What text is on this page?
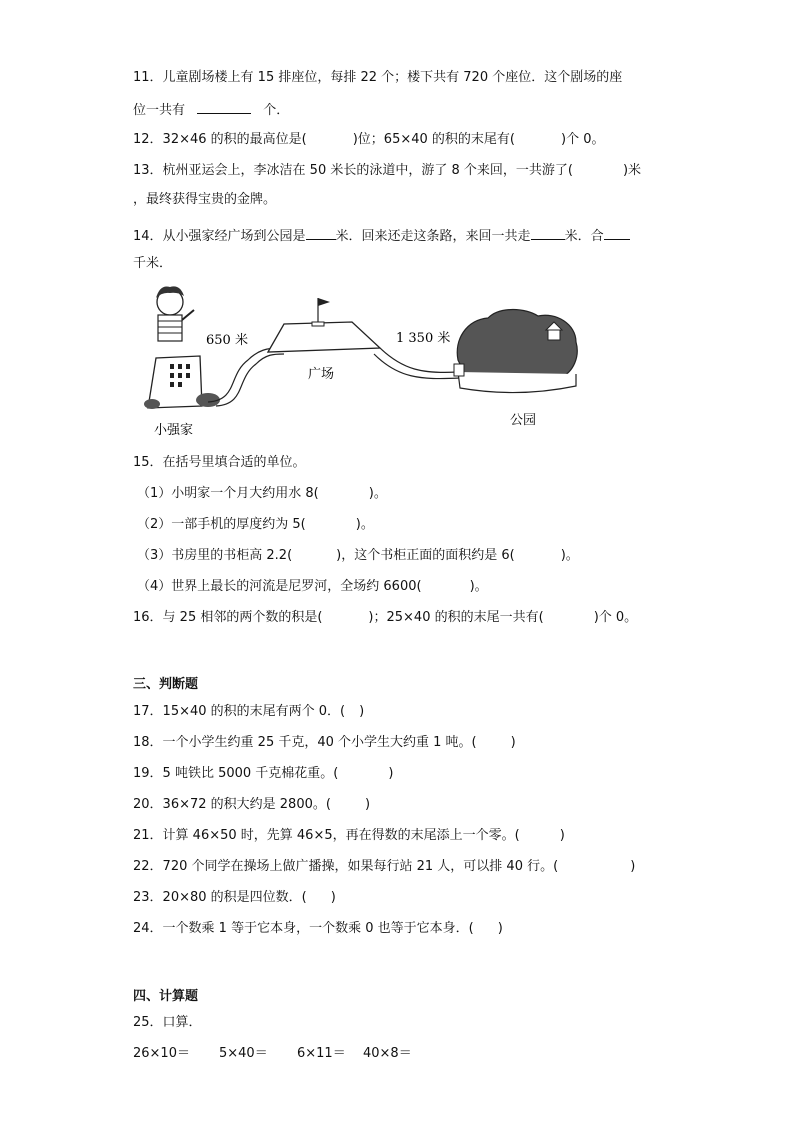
11．儿童剧场楼上有 15 排座位，每排 22 个；楼下共有 720 个座位．这个剧场的座
位一共有	个．
12．32×46 的积的最高位是(	)位；65×40 的积的末尾有(	)个 0。
13．杭州亚运会上，李冰洁在 50 米长的泳道中，游了 8 个来回，一共游了(	)米
，最终获得宝贵的金牌。
14．从小强家经广场到公园是 米．回来还走这条路，来回一共走	米．合
千米．
650 米	1 350 米
广场
小强家
公园
15．在括号里填合适的单位。
（1）小明家一个月大约用水 8(	)。
（2）一部手机的厚度约为 5(	)。
（3）书房里的书柜高 2.2(	)，这个书柜正面的面积约是 6(	)。
（4）世界上最长的河流是尼罗河，全场约 6600(	)。
16．与 25 相邻的两个数的积是(	)；25×40 的积的末尾一共有(	)个 0。
三、判断题
17．15×40 的积的末尾有两个 0．( )
18．一个小学生约重 25 千克，40 个小学生大约重 1 吨。(	)
19．5 吨铁比 5000 千克棉花重。(	)
20．36×72 的积大约是 2800。(	)
21．计算 46×50 时，先算 46×5，再在得数的末尾添上一个零。(	)
22．720 个同学在操场上做广播操，如果每行站 21 人，可以排 40 行。(	)
23．20×80 的积是四位数．( )
24．一个数乘 1 等于它本身，一个数乘 0 也等于它本身．( )
四、计算题
25．口算．
26×10＝ 5×40＝ 6×11＝ 40×8＝
